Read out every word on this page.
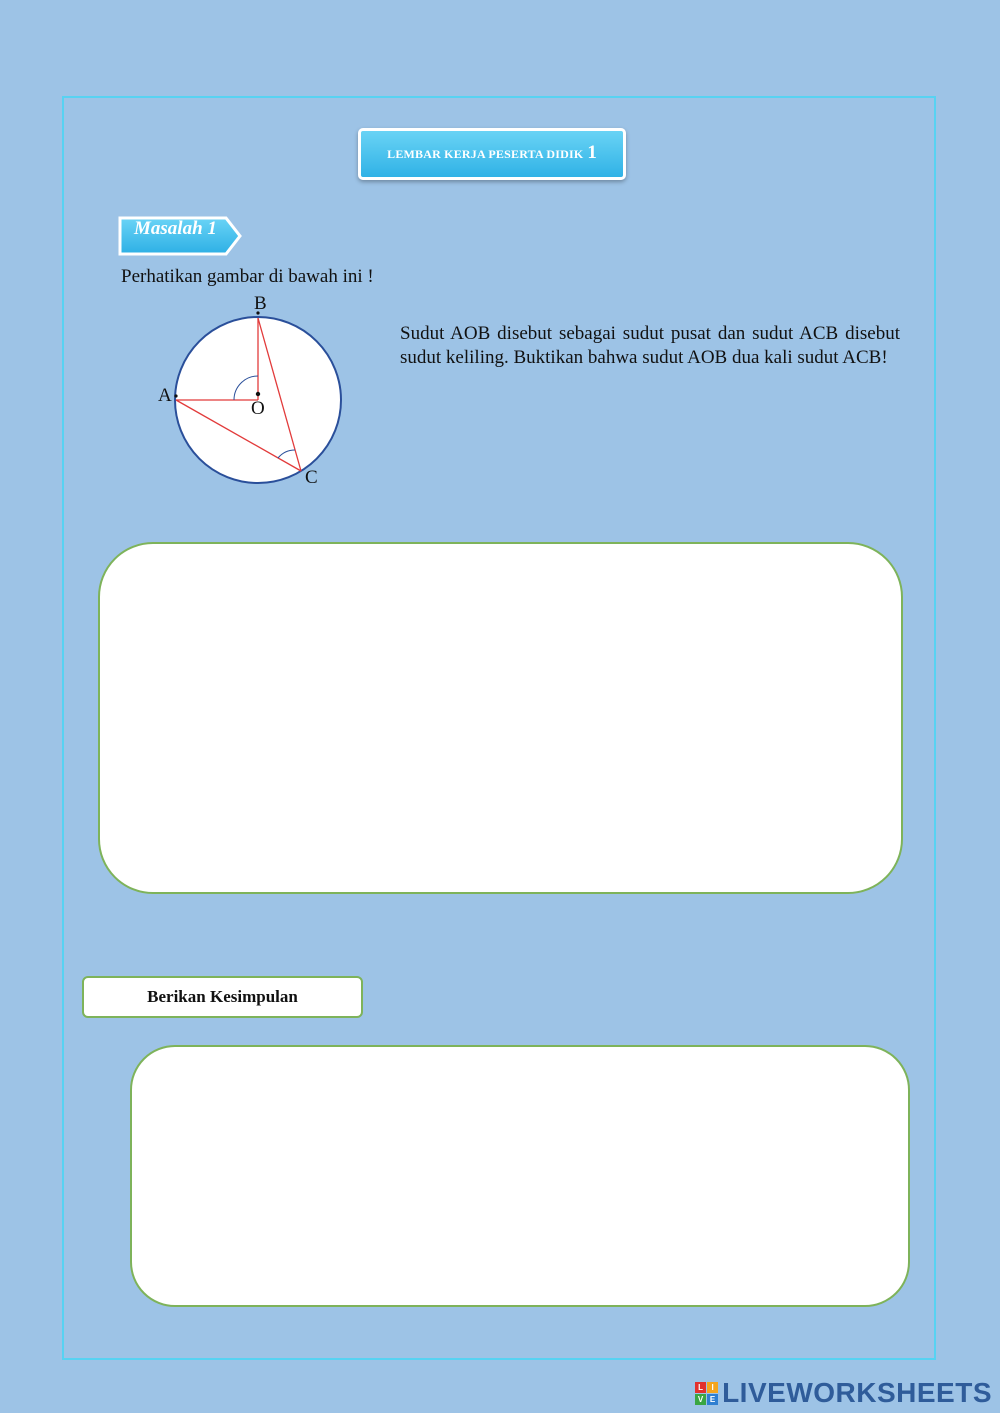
LEMBAR KERJA PESERTA DIDIK 1
Masalah 1
Perhatikan gambar di bawah ini !
A
B
O
C
Sudut AOB disebut sebagai sudut pusat dan sudut ACB disebut sudut keliling. Buktikan bahwa sudut AOB dua kali sudut ACB!
Berikan Kesimpulan
L	I
V E LIVEWORKSHEETS
